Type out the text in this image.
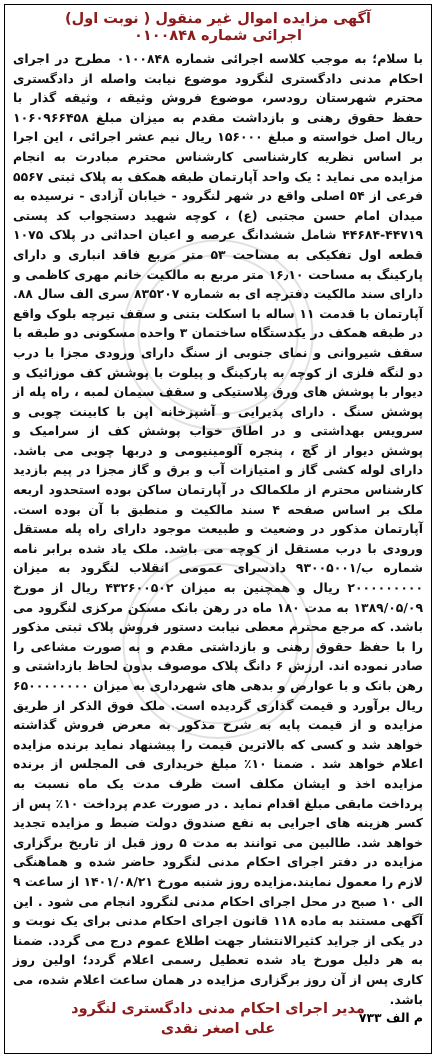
آگهی مزایده اموال غیر منقول ( نوبت اول)
اجرائی شماره ۰۱۰۰۸۴۸
با سلام؛ به موجب کلاسه اجرائی شماره ۰۱۰۰۸۴۸ مطرح در اجرای احکام مدنی دادگستری لنگرود موضوع نیابت واصله از دادگستری محترم شهرستان رودسر، موضوع فروش وثیقه ، وثیقه گذار با حفظ حقوق رهنی و بازداشت مقدم به میزان مبلغ ۱۰۶۰۹۶۶۴۵۸ ریال اصل خواسته و مبلغ ۱۵۶۰۰۰ ریال نیم عشر اجرائی ، این اجرا بر اساس نظریه کارشناسی کارشناس محترم مبادرت به انجام مزایده می نماید : یک واحد آپارتمان طبقه همکف به پلاک ثبتی ۵۵۶۷ فرعی از ۵۴ اصلی واقع در شهر لنگرود - خیابان آزادی - نرسیده به میدان امام حسن مجتبی (ع) ، کوچه شهید دستجواب کد پستی ۴۴۷۱۹-۴۴۶۸۴ شامل ششدانگ عرصه و اعیان احداثی در پلاک ۱۰۷۵ قطعه اول تفکیکی به مساحت ۵۳ متر مربع فاقد انباری و دارای پارکینگ به مساحت ۱۶٫۱۰ متر مربع به مالکیت خانم مهری کاظمی و دارای سند مالکیت دفترچه ای به شماره ۸۳۵۲۰۷ سری الف سال ۸۸. آپارتمان با قدمت ۱۱ ساله با اسکلت بتنی و سقف تیرچه بلوک واقع در طبقه همکف در یکدستگاه ساختمان ۳ واحده مسکونی دو طبقه با سقف شیروانی و نمای جنوبی از سنگ دارای ورودی مجزا با درب دو لنگه فلزی از کوچه به پارکینگ و پیلوت با پوشش کف موزائیک و دیوار با پوشش های ورق پلاستیکی و سقف سیمان لمبه ، راه پله از پوشش سنگ . دارای پذیرایی و آشپزخانه اپن با کابینت چوبی و سرویس بهداشتی و در اطاق خواب پوشش کف از سرامیک و پوشش دیوار از گچ ، پنجره آلومینیومی و دربها چوبی می باشد. دارای لوله کشی گاز و امتیازات آب و برق و گاز مجزا در پیم بازدید کارشناس محترم از ملکمالک در آپارتمان ساکن بوده استحدود اربعه ملک بر اساس صفحه ۴ سند مالکیت و منطبق با آن بوده است. آپارتمان مذکور در وضعیت و طبیعت موجود دارای راه پله مستقل ورودی با درب مستقل از کوچه می باشد. ملک یاد شده برابر نامه شماره ب/۹۳۰۰۵۰۰۱ دادسرای عمومی انقلاب لنگرود به میزان ۲۰۰۰۰۰۰۰۰۰ ریال و همچنین به میزان ۴۳۲۶۰۰۵۰۲ ریال از مورخ ۱۳۸۹/۰۵/۰۹ به مدت ۱۸۰ ماه در رهن بانک مسکن مرکزی لنگرود می باشد. که مرجع محترم معطی نیابت دستور فروش پلاک ثبتی مذکور را با حفظ حقوق رهنی و بازداشتی مقدم و به صورت مشاعی را صادر نموده اند. ارزش ۶ دانگ پلاک موصوف بدون لحاظ بازداشتی و رهن بانک و با عوارض و بدهی های شهرداری به میزان ۶۵۰۰۰۰۰۰۰۰ ریال برآورد و قیمت گذاری گردیده است. ملک فوق الذکر از طریق مزایده و از قیمت پایه به شرح مذکور به معرض فروش گذاشته خواهد شد و کسی که بالاترین قیمت را پیشنهاد نماید برنده مزایده اعلام خواهد شد . ضمنا ۱۰٪ مبلغ خریداری فی المجلس از برنده مزایده اخذ و ایشان مکلف است ظرف مدت یک ماه نسبت به پرداخت مابقی مبلغ اقدام نماید . در صورت عدم پرداخت ۱۰٪ پس از کسر هزینه های اجرایی به نفع صندوق دولت ضبط و مزایده تجدید خواهد شد. طالبین می توانند به مدت ۵ روز قبل از تاریخ برگزاری مزایده در دفتر اجرای احکام مدنی لنگرود حاضر شده و هماهنگی لازم را معمول نمایند.مزایده روز شنبه مورخ ۱۴۰۱/۰۸/۲۱ از ساعت ۹ الی ۱۰ صبح در محل اجرای احکام مدنی لنگرود انجام می شود . این آگهی مستند به ماده ۱۱۸ قانون اجرای احکام مدنی برای یک نوبت و در یکی از جراید کثیرالانتشار جهت اطلاع عموم درج می گردد. ضمنا به هر دلیل مورخ یاد شده تعطیل رسمی اعلام گردد؛ اولین روز کاری پس از آن روز برگزاری مزایده در همان ساعت اعلام شده، می باشد.
م الف ۷۳۳
مدیر اجرای احکام مدنی دادگستری لنگرود
علی اصغر نقدی
